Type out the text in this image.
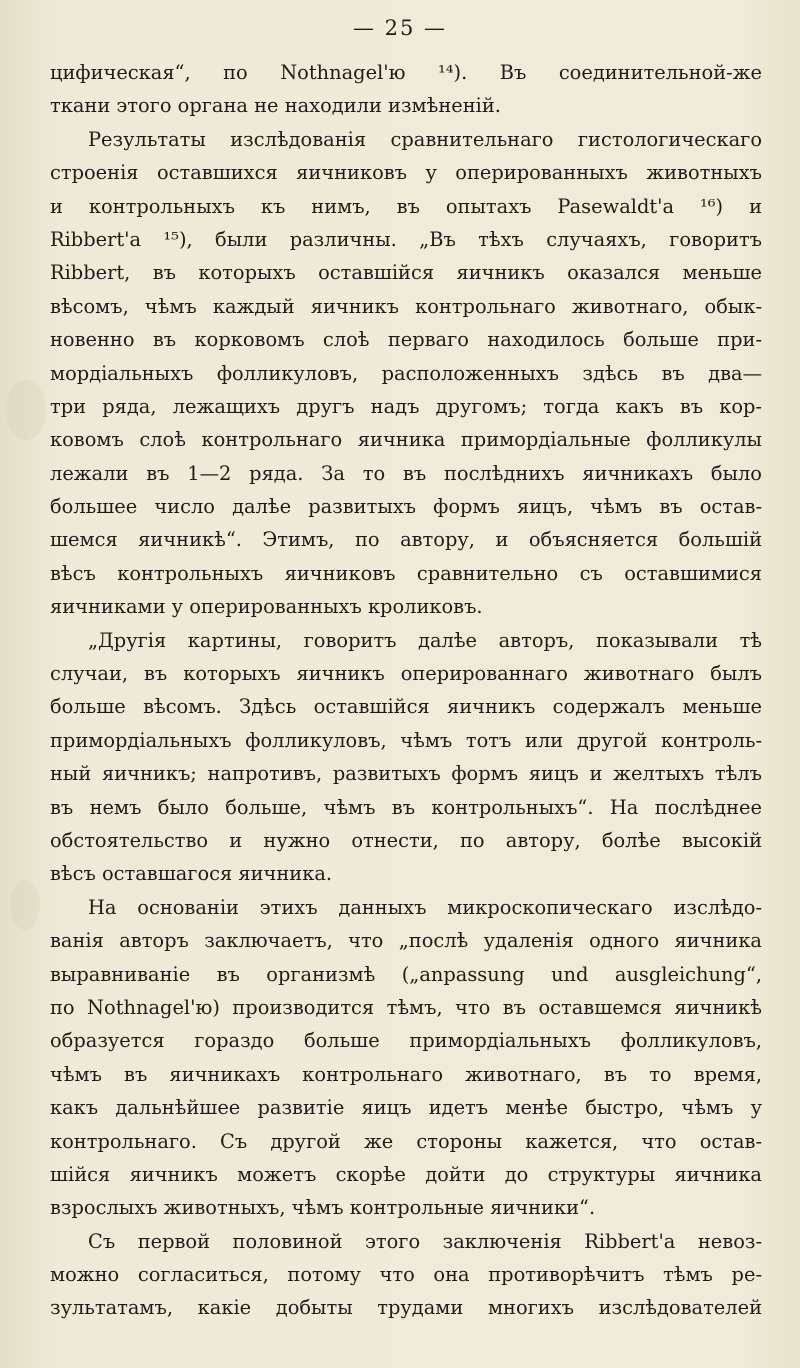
— 25 —
цифическая“, по Nothnagel'ю ¹⁴). Въ соединительной-же
ткани этого органа не находили измѣненій.
Результаты изслѣдованія сравнительнаго гистологическаго
строенія оставшихся яичниковъ у оперированныхъ животныхъ
и контрольныхъ къ нимъ, въ опытахъ Pasewaldt'a ¹⁶) и
Ribbert'a ¹⁵), были различны. „Въ тѣхъ случаяхъ, говоритъ
Ribbert, въ которыхъ оставшійся яичникъ оказался меньше
вѣсомъ, чѣмъ каждый яичникъ контрольнаго животнаго, обык-
новенно въ корковомъ слоѣ перваго находилось больше при-
мордіальныхъ фолликуловъ, расположенныхъ здѣсь въ два—
три ряда, лежащихъ другъ надъ другомъ; тогда какъ въ кор-
ковомъ слоѣ контрольнаго яичника примордіальные фолликулы
лежали въ 1—2 ряда. За то въ послѣднихъ яичникахъ было
большее число далѣе развитыхъ формъ яицъ, чѣмъ въ остав-
шемся яичникѣ“. Этимъ, по автору, и объясняется большій
вѣсъ контрольныхъ яичниковъ сравнительно съ оставшимися
яичниками у оперированныхъ кроликовъ.
„Другія картины, говоритъ далѣе авторъ, показывали тѣ
случаи, въ которыхъ яичникъ оперированнаго животнаго былъ
больше вѣсомъ. Здѣсь оставшійся яичникъ содержалъ меньше
примордіальныхъ фолликуловъ, чѣмъ тотъ или другой контроль-
ный яичникъ; напротивъ, развитыхъ формъ яицъ и желтыхъ тѣлъ
въ немъ было больше, чѣмъ въ контрольныхъ“. На послѣднее
обстоятельство и нужно отнести, по автору, болѣе высокій
вѣсъ оставшагося яичника.
На основаніи этихъ данныхъ микроскопическаго изслѣдо-
ванія авторъ заключаетъ, что „послѣ удаленія одного яичника
выравниваніе въ организмѣ („anpassung und ausgleichung“,
по Nothnagel'ю) производится тѣмъ, что въ оставшемся яичникѣ
образуется гораздо больше примордіальныхъ фолликуловъ,
чѣмъ въ яичникахъ контрольнаго животнаго, въ то время,
какъ дальнѣйшее развитіе яицъ идетъ менѣе быстро, чѣмъ у
контрольнаго. Съ другой же стороны кажется, что остав-
шійся яичникъ можетъ скорѣе дойти до структуры яичника
взрослыхъ животныхъ, чѣмъ контрольные яичники“.
Съ первой половиной этого заключенія Ribbert'a невоз-
можно согласиться, потому что она противорѣчитъ тѣмъ ре-
зультатамъ, какіе добыты трудами многихъ изслѣдователей
